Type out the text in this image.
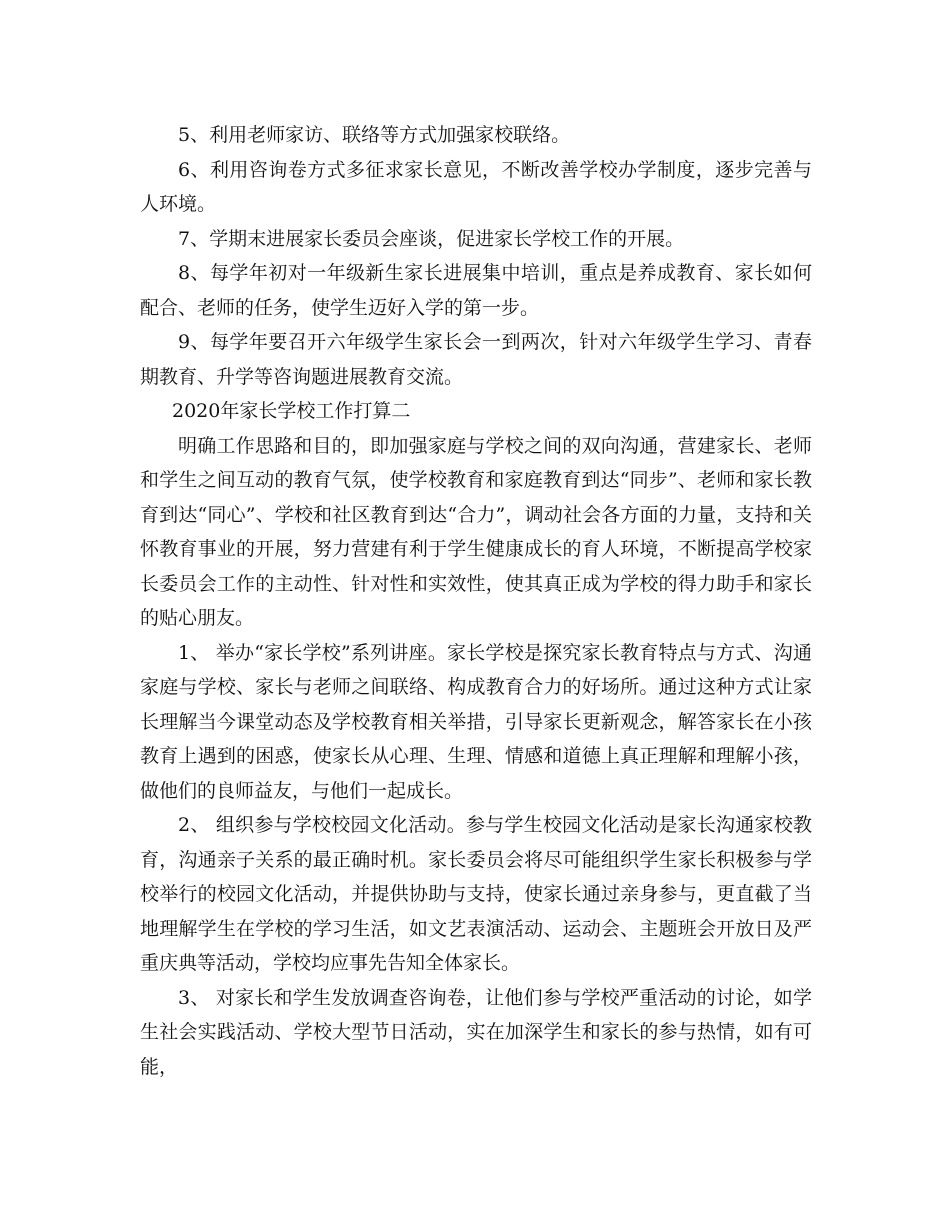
5、利用老师家访、联络等方式加强家校联络。

6、利用咨询卷方式多征求家长意见，不断改善学校办学制度，逐步完善与人环境。

7、学期末进展家长委员会座谈，促进家长学校工作的开展。

8、每学年初对一年级新生家长进展集中培训，重点是养成教育、家长如何配合、老师的任务，使学生迈好入学的第一步。

9、每学年要召开六年级学生家长会一到两次，针对六年级学生学习、青春期教育、升学等咨询题进展教育交流。

2020年家长学校工作打算二

明确工作思路和目的，即加强家庭与学校之间的双向沟通，营建家长、老师和学生之间互动的教育气氛，使学校教育和家庭教育到达“同步”、老师和家长教育到达“同心”、学校和社区教育到达“合力”，调动社会各方面的力量，支持和关怀教育事业的开展，努力营建有利于学生健康成长的育人环境，不断提高学校家长委员会工作的主动性、针对性和实效性，使其真正成为学校的得力助手和家长的贴心朋友。

1、 举办“家长学校”系列讲座。家长学校是探究家长教育特点与方式、沟通家庭与学校、家长与老师之间联络、构成教育合力的好场所。通过这种方式让家长理解当今课堂动态及学校教育相关举措，引导家长更新观念，解答家长在小孩教育上遇到的困惑，使家长从心理、生理、情感和道德上真正理解和理解小孩，做他们的良师益友，与他们一起成长。

2、 组织参与学校校园文化活动。参与学生校园文化活动是家长沟通家校教育，沟通亲子关系的最正确时机。家长委员会将尽可能组织学生家长积极参与学校举行的校园文化活动，并提供协助与支持，使家长通过亲身参与，更直截了当地理解学生在学校的学习生活，如文艺表演活动、运动会、主题班会开放日及严重庆典等活动，学校均应事先告知全体家长。

3、 对家长和学生发放调查咨询卷，让他们参与学校严重活动的讨论，如学生社会实践活动、学校大型节日活动，实在加深学生和家长的参与热情，如有可能，
